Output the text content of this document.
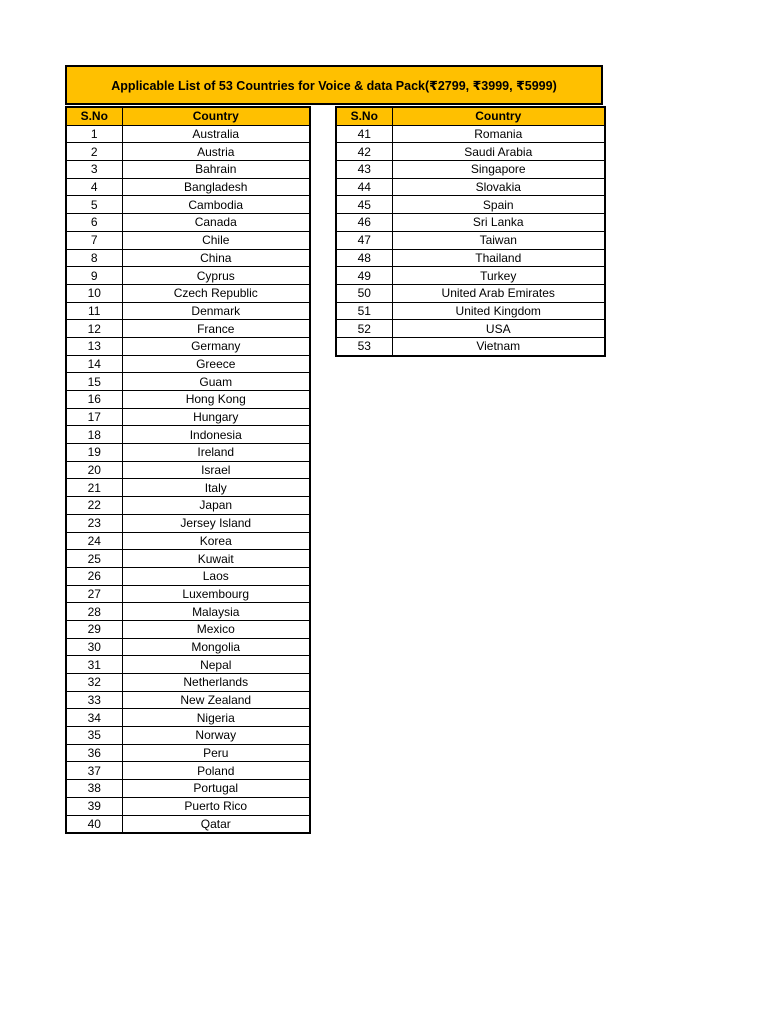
Applicable List of 53 Countries for Voice & data Pack(₹2799, ₹3999, ₹5999)
S.No	Country
1	Australia
2	Austria
3	Bahrain
4	Bangladesh
5	Cambodia
6	Canada
7	Chile
8	China
9	Cyprus
10	Czech Republic
11	Denmark
12	France
13	Germany
14	Greece
15	Guam
16	Hong Kong
17	Hungary
18	Indonesia
19	Ireland
20	Israel
21	Italy
22	Japan
23	Jersey Island
24	Korea
25	Kuwait
26	Laos
27	Luxembourg
28	Malaysia
29	Mexico
30	Mongolia
31	Nepal
32	Netherlands
33	New Zealand
34	Nigeria
35	Norway
36	Peru
37	Poland
38	Portugal
39	Puerto Rico
40	Qatar
S.No	Country
41	Romania
42	Saudi Arabia
43	Singapore
44	Slovakia
45	Spain
46	Sri Lanka
47	Taiwan
48	Thailand
49	Turkey
50	United Arab Emirates
51	United Kingdom
52	USA
53	Vietnam
